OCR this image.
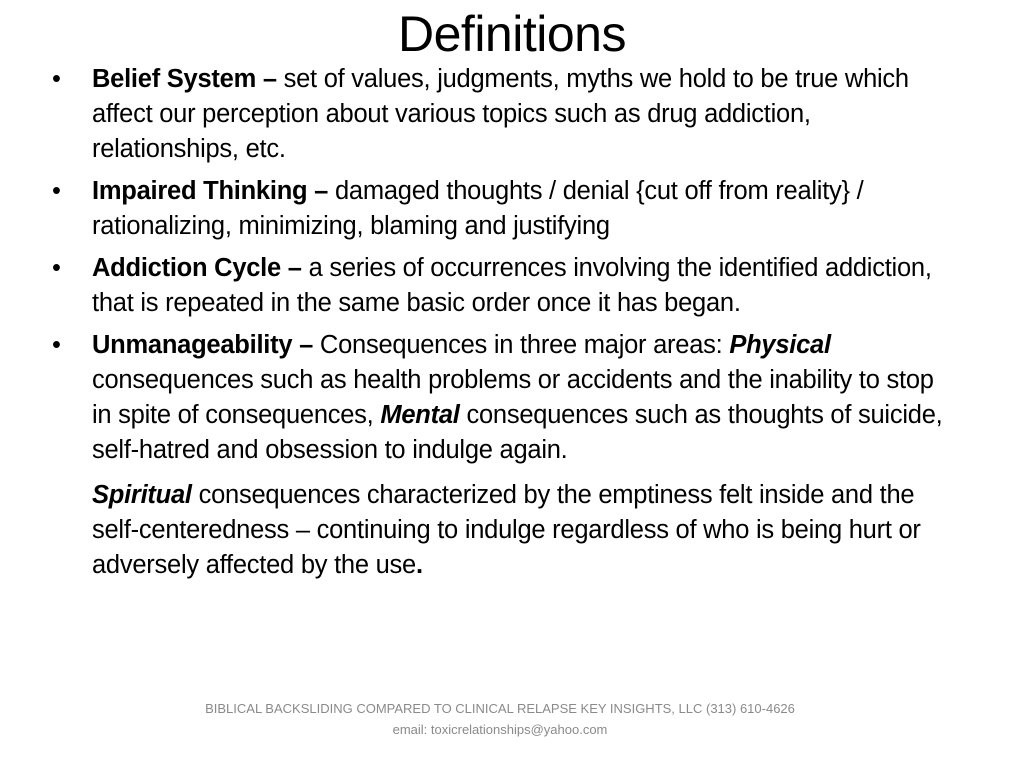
Definitions
•	Belief System – set of values, judgments, myths we hold to be true which affect our perception about various topics such as drug addiction, relationships, etc.
•	Impaired Thinking – damaged thoughts / denial {cut off from reality} / rationalizing, minimizing, blaming and justifying
•	Addiction Cycle – a series of occurrences involving the identified addiction, that is repeated in the same basic order once it has began.
•	Unmanageability – Consequences in three major areas: Physical consequences such as health problems or accidents and the inability to stop in spite of consequences, Mental consequences such as thoughts of suicide, self-hatred and obsession to indulge again.
Spiritual consequences characterized by the emptiness felt inside and the self-centeredness – continuing to indulge regardless of who is being hurt or adversely affected by the use.
BIBLICAL BACKSLIDING COMPARED TO CLINICAL RELAPSE KEY INSIGHTS, LLC (313) 610-4626
email: toxicrelationships@yahoo.com
